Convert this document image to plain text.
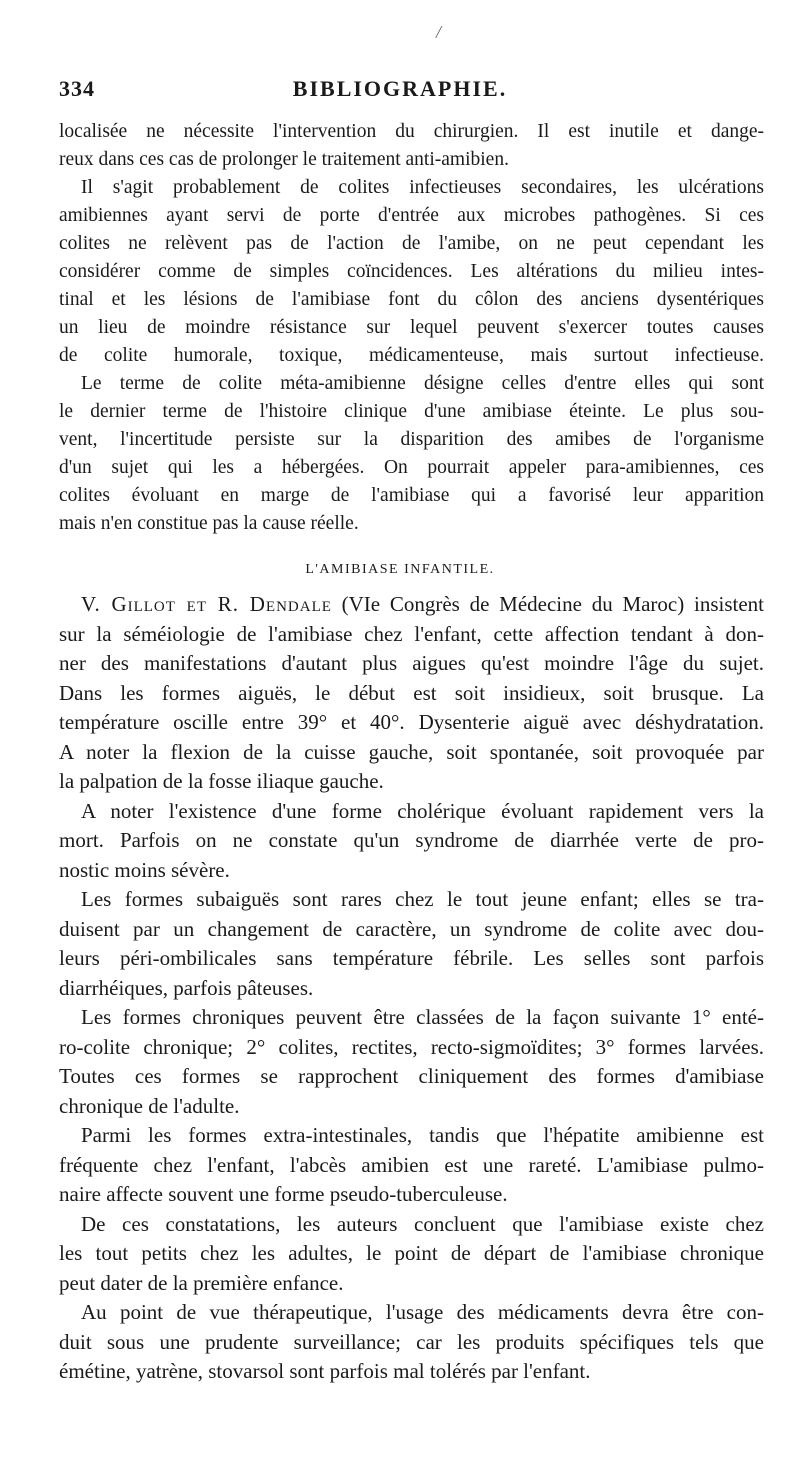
/
334	BIBLIOGRAPHIE.
localisée ne nécessite l'intervention du chirurgien. Il est inutile et dange-
reux dans ces cas de prolonger le traitement anti-amibien.
Il s'agit probablement de colites infectieuses secondaires, les ulcérations
amibiennes ayant servi de porte d'entrée aux microbes pathogènes. Si ces
colites ne relèvent pas de l'action de l'amibe, on ne peut cependant les
considérer comme de simples coïncidences. Les altérations du milieu intes-
tinal et les lésions de l'amibiase font du côlon des anciens dysentériques
un lieu de moindre résistance sur lequel peuvent s'exercer toutes causes
de colite humorale, toxique, médicamenteuse, mais surtout infectieuse.
Le terme de colite méta-amibienne désigne celles d'entre elles qui sont
le dernier terme de l'histoire clinique d'une amibiase éteinte. Le plus sou-
vent, l'incertitude persiste sur la disparition des amibes de l'organisme
d'un sujet qui les a hébergées. On pourrait appeler para-amibiennes, ces
colites évoluant en marge de l'amibiase qui a favorisé leur apparition
mais n'en constitue pas la cause réelle.
L'AMIBIASE INFANTILE.
V. Gillot et R. Dendale (VIe Congrès de Médecine du Maroc) insistent
sur la séméiologie de l'amibiase chez l'enfant, cette affection tendant à don-
ner des manifestations d'autant plus aigues qu'est moindre l'âge du sujet.
Dans les formes aiguës, le début est soit insidieux, soit brusque. La
température oscille entre 39° et 40°. Dysenterie aiguë avec déshydratation.
A noter la flexion de la cuisse gauche, soit spontanée, soit provoquée par
la palpation de la fosse iliaque gauche.
A noter l'existence d'une forme cholérique évoluant rapidement vers la
mort. Parfois on ne constate qu'un syndrome de diarrhée verte de pro-
nostic moins sévère.
Les formes subaiguës sont rares chez le tout jeune enfant; elles se tra-
duisent par un changement de caractère, un syndrome de colite avec dou-
leurs péri-ombilicales sans température fébrile. Les selles sont parfois
diarrhéiques, parfois pâteuses.
Les formes chroniques peuvent être classées de la façon suivante 1° enté-
ro-colite chronique; 2° colites, rectites, recto-sigmoïdites; 3° formes larvées.
Toutes ces formes se rapprochent cliniquement des formes d'amibiase
chronique de l'adulte.
Parmi les formes extra-intestinales, tandis que l'hépatite amibienne est
fréquente chez l'enfant, l'abcès amibien est une rareté. L'amibiase pulmo-
naire affecte souvent une forme pseudo-tuberculeuse.
De ces constatations, les auteurs concluent que l'amibiase existe chez
les tout petits chez les adultes, le point de départ de l'amibiase chronique
peut dater de la première enfance.
Au point de vue thérapeutique, l'usage des médicaments devra être con-
duit sous une prudente surveillance; car les produits spécifiques tels que
émétine, yatrène, stovarsol sont parfois mal tolérés par l'enfant.
